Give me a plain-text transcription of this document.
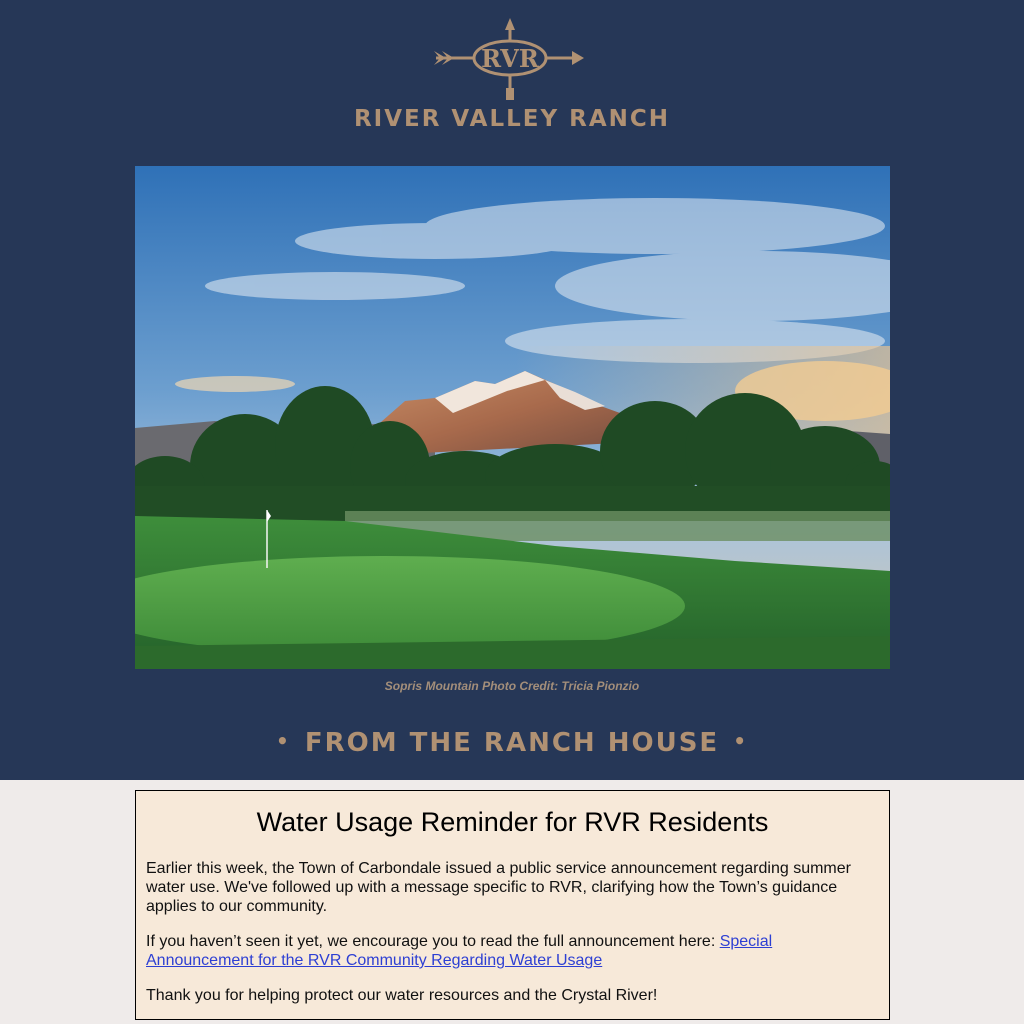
RVR
RIVER VALLEY RANCH
Sopris Mountain Photo Credit: Tricia Pionzio
• FROM THE RANCH HOUSE •
Water Usage Reminder for RVR Residents

Earlier this week, the Town of Carbondale issued a public service announcement regarding summer water use. We've followed up with a message specific to RVR, clarifying how the Town’s guidance applies to our community.

If you haven’t seen it yet, we encourage you to read the full announcement here: Special Announcement for the RVR Community Regarding Water Usage

Thank you for helping protect our water resources and the Crystal River!
